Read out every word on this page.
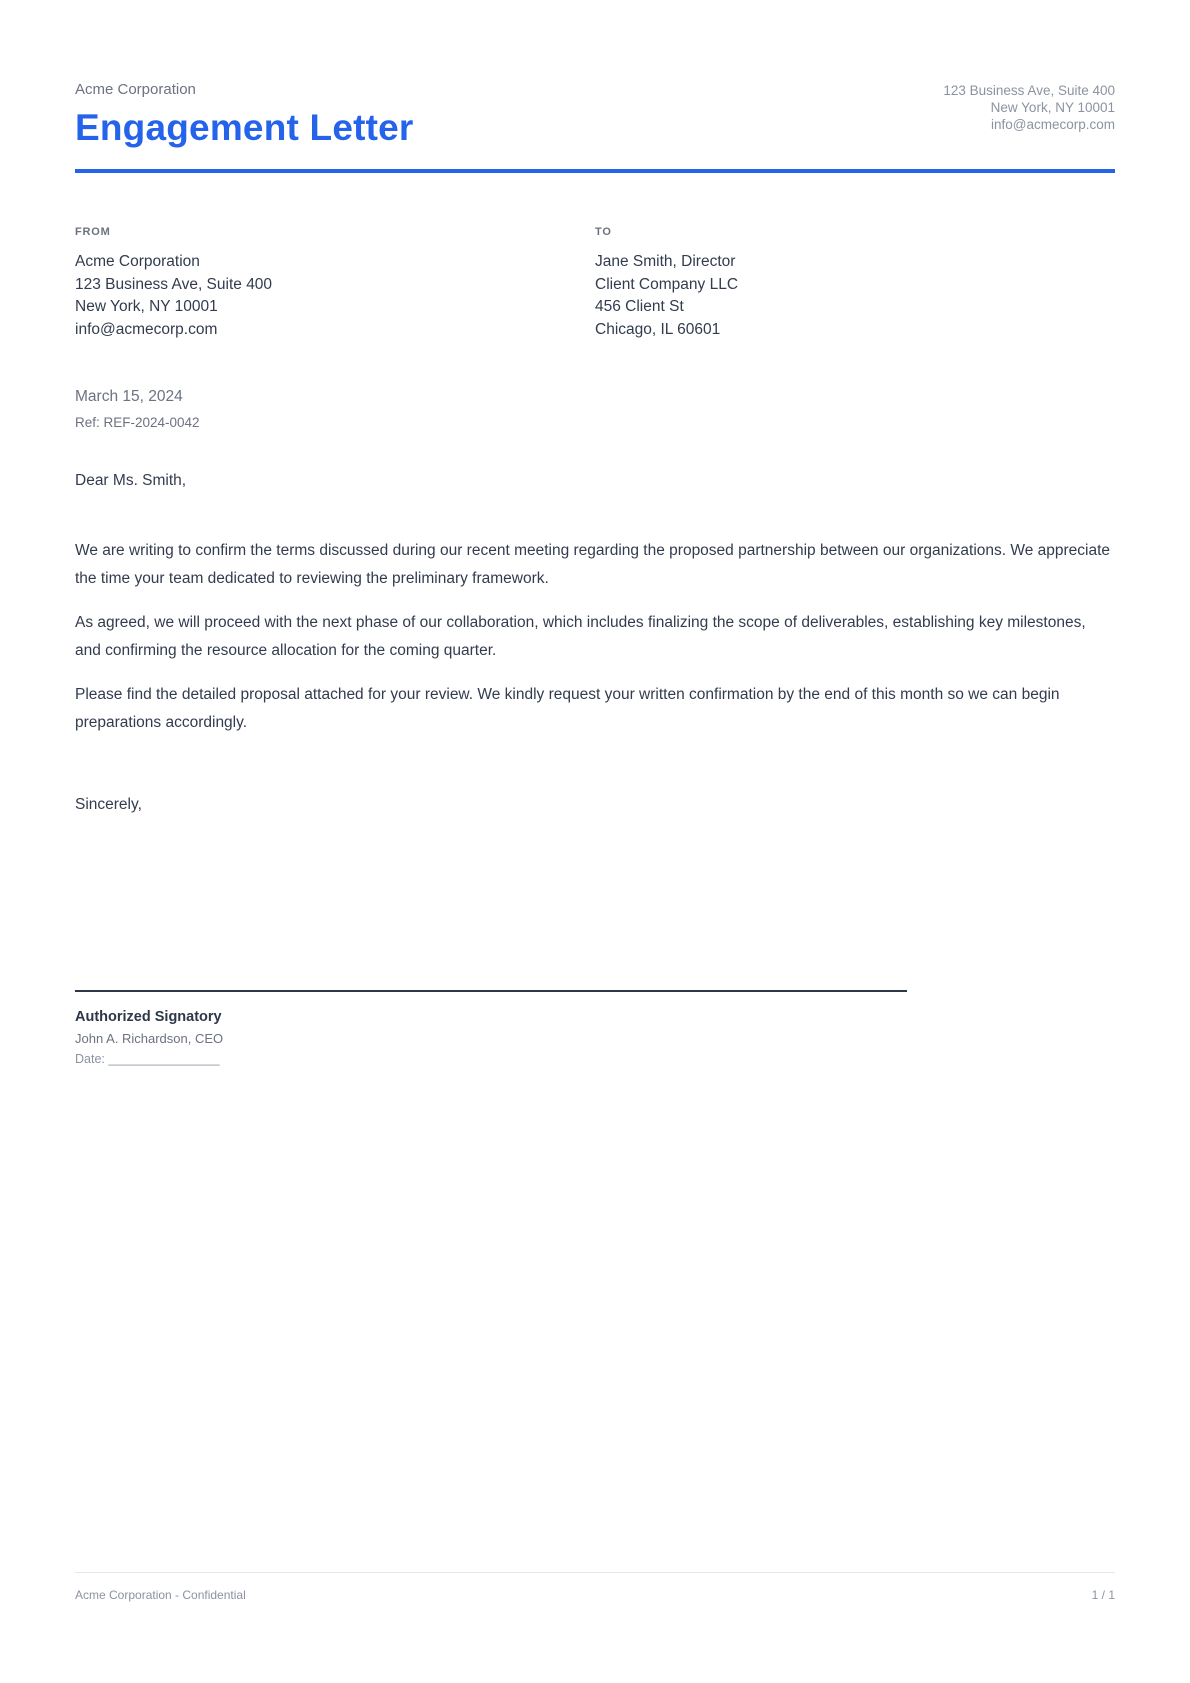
Acme Corporation
Engagement Letter
123 Business Ave, Suite 400
New York, NY 10001
info@acmecorp.com
FROM
Acme Corporation
123 Business Ave, Suite 400
New York, NY 10001
info@acmecorp.com
TO
Jane Smith, Director
Client Company LLC
456 Client St
Chicago, IL 60601
March 15, 2024
Ref: REF-2024-0042
Dear Ms. Smith,

We are writing to confirm the terms discussed during our recent meeting regarding the proposed partnership between our organizations. We appreciate the time your team dedicated to reviewing the preliminary framework.

As agreed, we will proceed with the next phase of our collaboration, which includes finalizing the scope of deliverables, establishing key milestones, and confirming the resource allocation for the coming quarter.

Please find the detailed proposal attached for your review. We kindly request your written confirmation by the end of this month so we can begin preparations accordingly.

Sincerely,
Authorized Signatory
John A. Richardson, CEO
Date: ________________
Acme Corporation - Confidential	1 / 1
